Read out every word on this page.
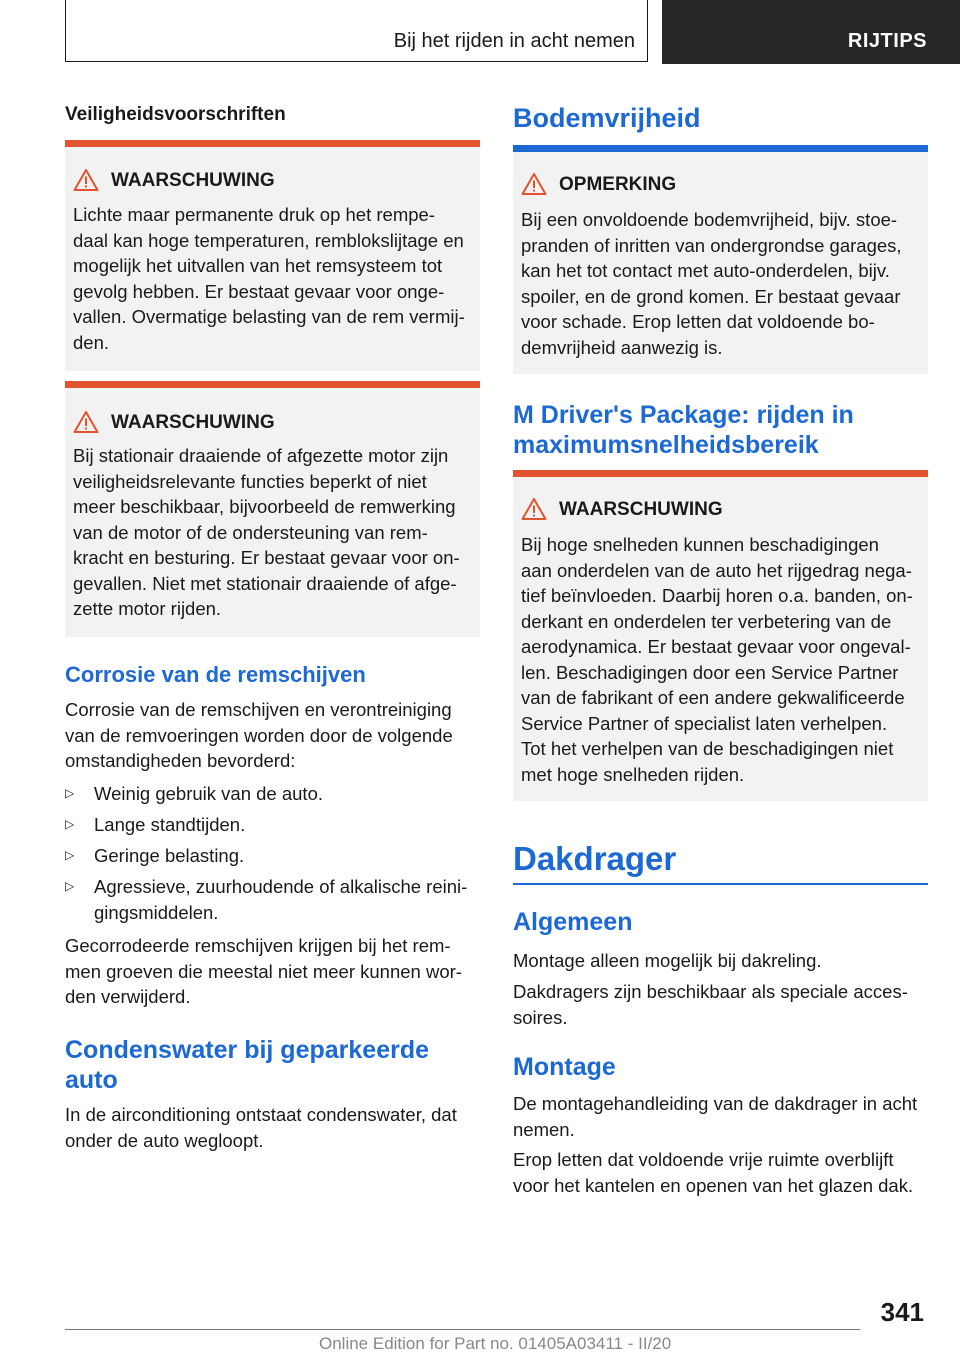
Bij het rijden in acht nemen	RIJTIPS
Veiligheidsvoorschriften
WAARSCHUWING
Lichte maar permanente druk op het rempe-
daal kan hoge temperaturen, remblokslijtage en
mogelijk het uitvallen van het remsysteem tot
gevolg hebben. Er bestaat gevaar voor onge-
vallen. Overmatige belasting van de rem vermij-
den.
WAARSCHUWING
Bij stationair draaiende of afgezette motor zijn
veiligheidsrelevante functies beperkt of niet
meer beschikbaar, bijvoorbeeld de remwerking
van de motor of de ondersteuning van rem-
kracht en besturing. Er bestaat gevaar voor on-
gevallen. Niet met stationair draaiende of afge-
zette motor rijden.
Corrosie van de remschijven
Corrosie van de remschijven en verontreiniging
van de remvoeringen worden door de volgende
omstandigheden bevorderd:
▷ Weinig gebruik van de auto.
▷ Lange standtijden.
▷ Geringe belasting.
▷ Agressieve, zuurhoudende of alkalische reini-
gingsmiddelen.
Gecorrodeerde remschijven krijgen bij het rem-
men groeven die meestal niet meer kunnen wor-
den verwijderd.
Condenswater bij geparkeerde
auto
In de airconditioning ontstaat condenswater, dat
onder de auto wegloopt.
Bodemvrijheid
OPMERKING
Bij een onvoldoende bodemvrijheid, bijv. stoe-
pranden of inritten van ondergrondse garages,
kan het tot contact met auto-onderdelen, bijv.
spoiler, en de grond komen. Er bestaat gevaar
voor schade. Erop letten dat voldoende bo-
demvrijheid aanwezig is.
M Driver's Package: rijden in
maximumsnelheidsbereik
WAARSCHUWING
Bij hoge snelheden kunnen beschadigingen
aan onderdelen van de auto het rijgedrag nega-
tief beïnvloeden. Daarbij horen o.a. banden, on-
derkant en onderdelen ter verbetering van de
aerodynamica. Er bestaat gevaar voor ongeval-
len. Beschadigingen door een Service Partner
van de fabrikant of een andere gekwalificeerde
Service Partner of specialist laten verhelpen.
Tot het verhelpen van de beschadigingen niet
met hoge snelheden rijden.
Dakdrager
Algemeen
Montage alleen mogelijk bij dakreling.
Dakdragers zijn beschikbaar als speciale acces-
soires.
Montage
De montagehandleiding van de dakdrager in acht
nemen.
Erop letten dat voldoende vrije ruimte overblijft
voor het kantelen en openen van het glazen dak.
341
Online Edition for Part no. 01405A03411 - II/20
